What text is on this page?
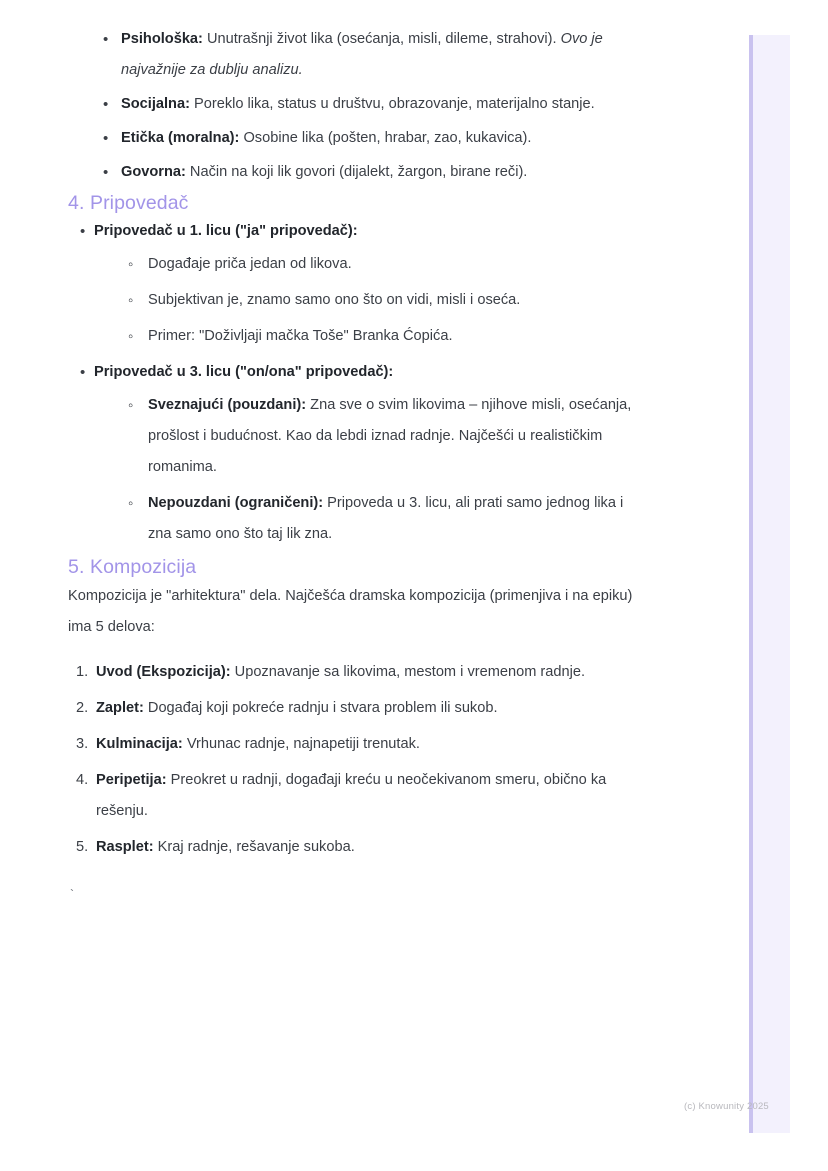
• Psihološka: Unutrašnji život lika (osećanja, misli, dileme, strahovi). Ovo je najvažnije za dublju analizu.
• Socijalna: Poreklo lika, status u društvu, obrazovanje, materijalno stanje.
• Etička (moralna): Osobine lika (pošten, hrabar, zao, kukavica).
• Govorna: Način na koji lik govori (dijalekt, žargon, birane reči).
4. Pripovedač
• Pripovedač u 1. licu ("ja" pripovedač):
◦ Događaje priča jedan od likova.
◦ Subjektivan je, znamo samo ono što on vidi, misli i oseća.
◦ Primer: "Doživljaji mačka Toše" Branka Ćopića.
• Pripovedač u 3. licu ("on/ona" pripovedač):
◦ Sveznajući (pouzdani): Zna sve o svim likovima – njihove misli, osećanja, prošlost i budućnost. Kao da lebdi iznad radnje. Najčešći u realističkim romanima.
◦ Nepouzdani (ograničeni): Pripoveda u 3. licu, ali prati samo jednog lika i zna samo ono što taj lik zna.
5. Kompozicija

Kompozicija je "arhitektura" dela. Najčešća dramska kompozicija (primenjiva i na epiku) ima 5 delova:

Uvod (Ekspozicija): Upoznavanje sa likovima, mestom i vremenom radnje.
Zaplet: Događaj koji pokreće radnju i stvara problem ili sukob.
Kulminacija: Vrhunac radnje, najnapetiji trenutak.
Peripetija: Preokret u radnji, događaji kreću u neočekivanom smeru, obično ka rešenju.
Rasplet: Kraj radnje, rešavanje sukoba.
`
(c) Knowunity 2025
